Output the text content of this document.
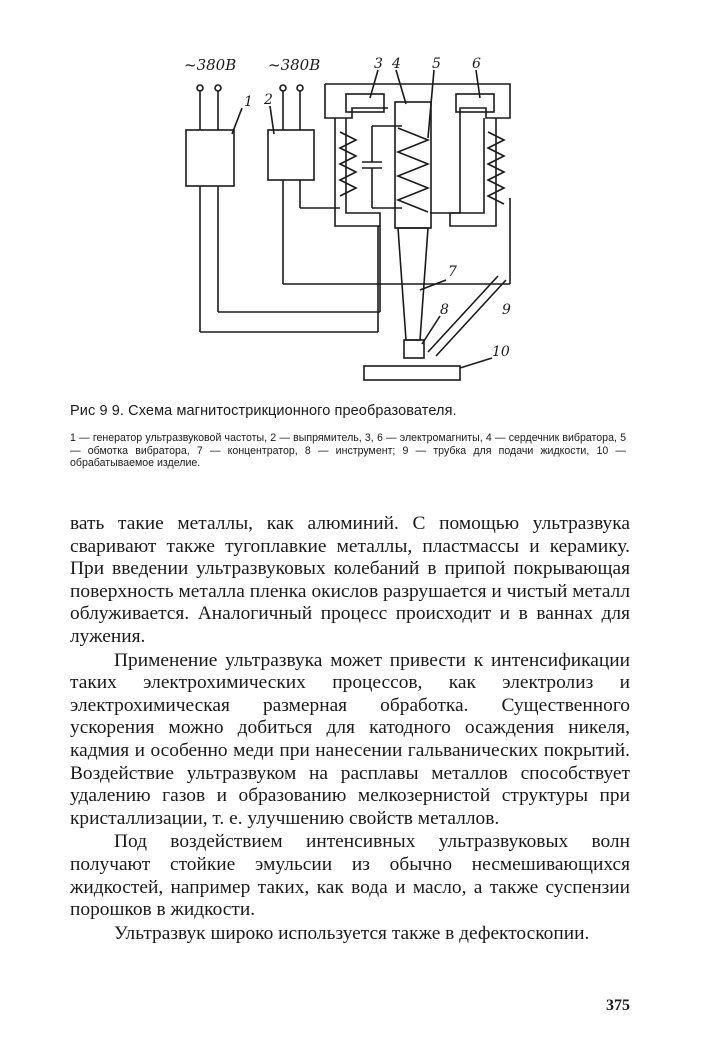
~380В ~380В
1 2
3 4 5 6
7
8	9
10
Рис 9 9. Схема магнитострикционного преобразователя.
1 — генератор ультразвуковой частоты, 2 — выпрямитель, 3, 6 — электромагниты, 4 — сердечник вибратора, 5 — обмотка вибратора, 7 — концентратор, 8 — инструмент; 9 — трубка для подачи жидкости, 10 — обрабатываемое изделие.

вать такие металлы, как алюминий. С помощью ультразвука сваривают также тугоплавкие металлы, пластмассы и керамику. При введении ультразвуковых колебаний в припой покрывающая поверхность металла пленка окислов разрушается и чистый металл облуживается. Аналогичный процесс происходит и в ваннах для лужения.

Применение ультразвука может привести к интенсификации таких электрохимических процессов, как электролиз и электрохимическая размерная обработка. Существенного ускорения можно добиться для катодного осаждения никеля, кадмия и особенно меди при нанесении гальванических покрытий. Воздействие ультразвуком на расплавы металлов способствует удалению газов и образованию мелкозернистой структуры при кристаллизации, т. е. улучшению свойств металлов.

Под воздействием интенсивных ультразвуковых волн получают стойкие эмульсии из обычно несмешивающихся жидкостей, например таких, как вода и масло, а также суспензии порошков в жидкости.

Ультразвук широко используется также в дефектоскопии.

375
